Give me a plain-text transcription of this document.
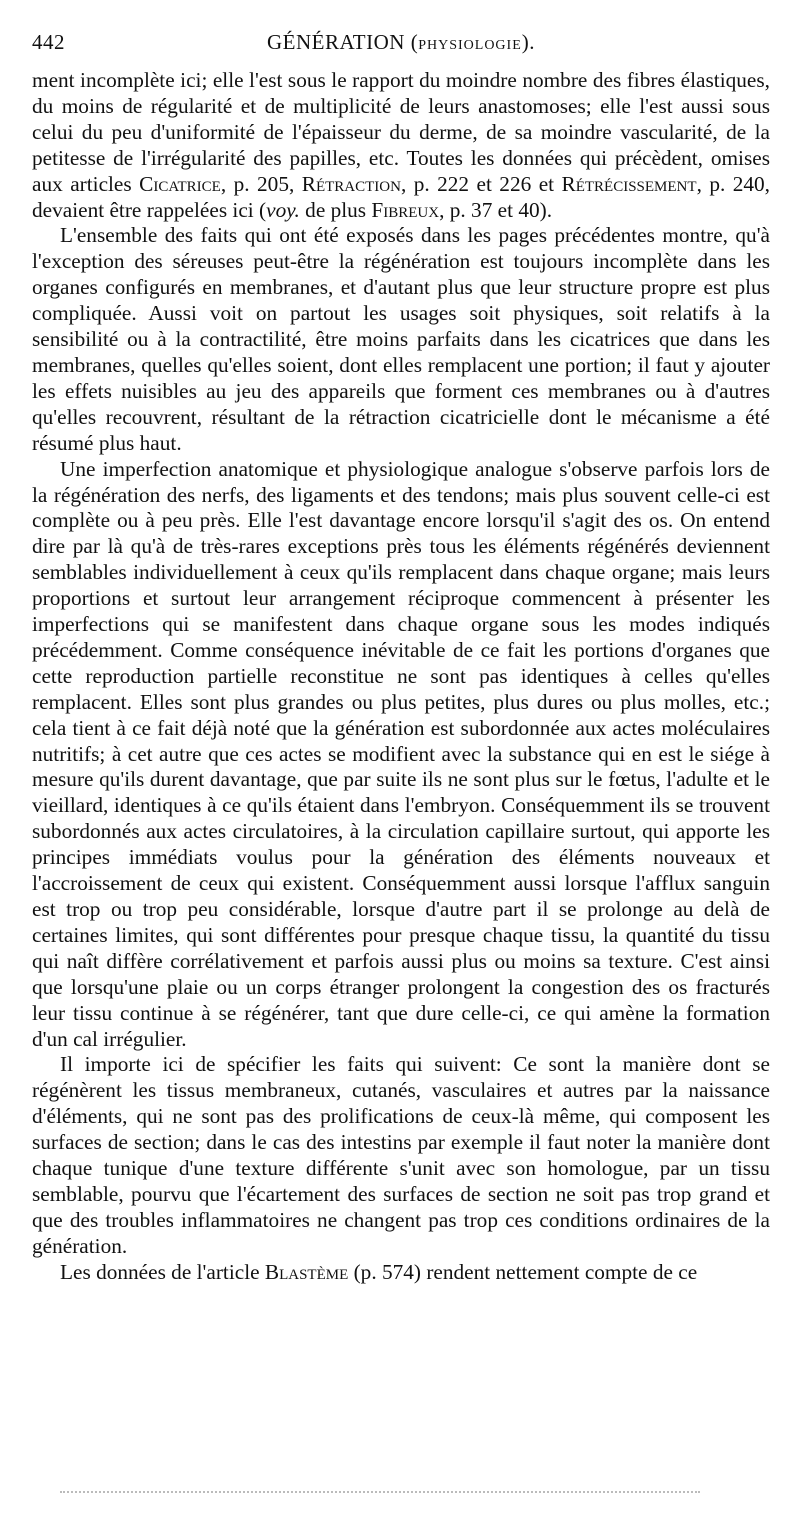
442	GÉNÉRATION (PHYSIOLOGIE).

ment incomplète ici; elle l'est sous le rapport du moindre nombre des fibres élastiques, du moins de régularité et de multiplicité de leurs anastomoses; elle l'est aussi sous celui du peu d'uniformité de l'épaisseur du derme, de sa moindre vascularité, de la petitesse de l'irrégularité des papilles, etc. Toutes les données qui précèdent, omises aux articles Cicatrice, p. 205, Rétraction, p. 222 et 226 et Rétrécissement, p. 240, devaient être rappelées ici (voy. de plus Fibreux, p. 37 et 40).

L'ensemble des faits qui ont été exposés dans les pages précédentes montre, qu'à l'exception des séreuses peut-être la régénération est toujours incomplète dans les organes configurés en membranes, et d'autant plus que leur structure propre est plus compliquée. Aussi voit on partout les usages soit physiques, soit relatifs à la sensibilité ou à la contractilité, être moins parfaits dans les cicatrices que dans les membranes, quelles qu'elles soient, dont elles remplacent une portion; il faut y ajouter les effets nuisibles au jeu des appareils que forment ces membranes ou à d'autres qu'elles recouvrent, résultant de la rétraction cicatricielle dont le mécanisme a été résumé plus haut.

Une imperfection anatomique et physiologique analogue s'observe parfois lors de la régénération des nerfs, des ligaments et des tendons; mais plus souvent celle-ci est complète ou à peu près. Elle l'est davantage encore lorsqu'il s'agit des os. On entend dire par là qu'à de très-rares exceptions près tous les éléments régénérés deviennent semblables individuellement à ceux qu'ils remplacent dans chaque organe; mais leurs proportions et surtout leur arrangement réciproque commencent à présenter les imperfections qui se manifestent dans chaque organe sous les modes indiqués précédemment. Comme conséquence inévitable de ce fait les portions d'organes que cette reproduction partielle reconstitue ne sont pas identiques à celles qu'elles remplacent. Elles sont plus grandes ou plus petites, plus dures ou plus molles, etc.; cela tient à ce fait déjà noté que la génération est subordonnée aux actes moléculaires nutritifs; à cet autre que ces actes se modifient avec la substance qui en est le siége à mesure qu'ils durent davantage, que par suite ils ne sont plus sur le fœtus, l'adulte et le vieillard, identiques à ce qu'ils étaient dans l'embryon. Conséquemment ils se trouvent subordonnés aux actes circulatoires, à la circulation capillaire surtout, qui apporte les principes immédiats voulus pour la génération des éléments nouveaux et l'accroissement de ceux qui existent. Conséquemment aussi lorsque l'afflux sanguin est trop ou trop peu considérable, lorsque d'autre part il se prolonge au delà de certaines limites, qui sont différentes pour presque chaque tissu, la quantité du tissu qui naît diffère corrélativement et parfois aussi plus ou moins sa texture. C'est ainsi que lorsqu'une plaie ou un corps étranger prolongent la congestion des os fracturés leur tissu continue à se régénérer, tant que dure celle-ci, ce qui amène la formation d'un cal irrégulier.

Il importe ici de spécifier les faits qui suivent: Ce sont la manière dont se régénèrent les tissus membraneux, cutanés, vasculaires et autres par la naissance d'éléments, qui ne sont pas des prolifications de ceux-là même, qui composent les surfaces de section; dans le cas des intestins par exemple il faut noter la manière dont chaque tunique d'une texture différente s'unit avec son homologue, par un tissu semblable, pourvu que l'écartement des surfaces de section ne soit pas trop grand et que des troubles inflammatoires ne changent pas trop ces conditions ordinaires de la génération.

Les données de l'article Blastème (p. 574) rendent nettement compte de ce
